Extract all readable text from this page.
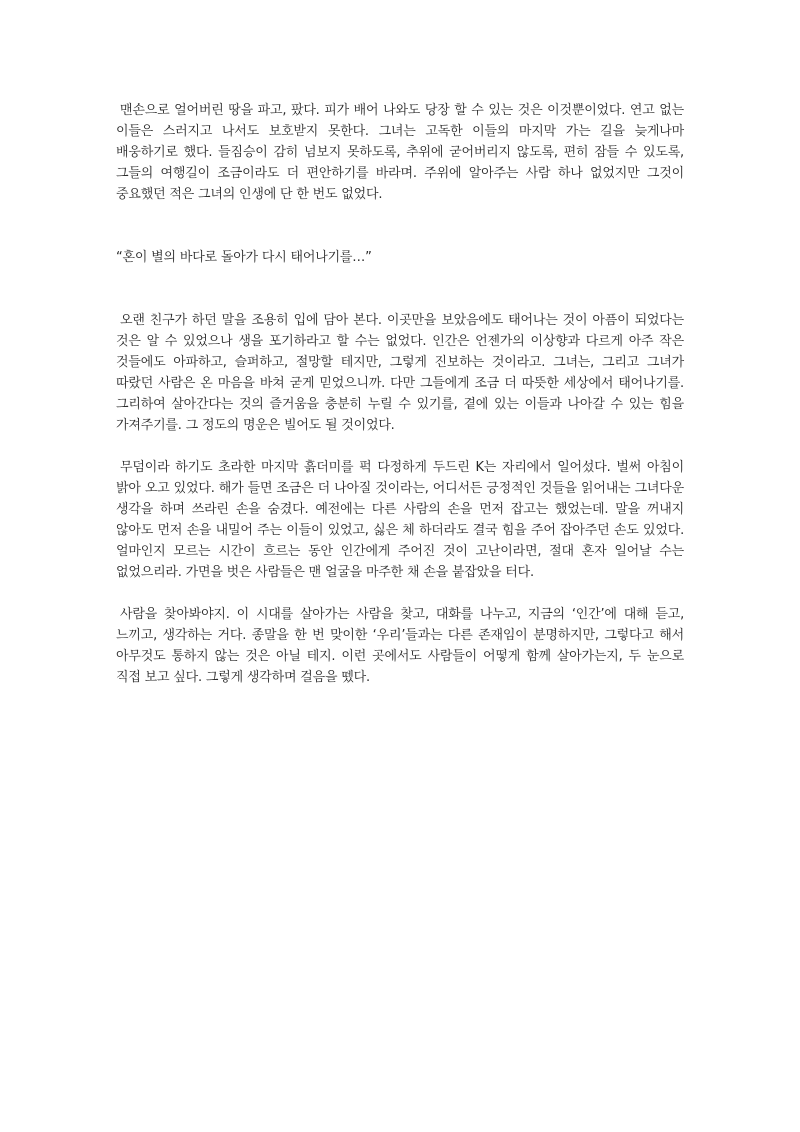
맨손으로 얼어버린 땅을 파고, 팠다. 피가 배어 나와도 당장 할 수 있는 것은 이것뿐이었다. 연고 없는 이들은 스러지고 나서도 보호받지 못한다. 그녀는 고독한 이들의 마지막 가는 길을 늦게나마 배웅하기로 했다. 들짐승이 감히 넘보지 못하도록, 추위에 굳어버리지 않도록, 편히 잠들 수 있도록, 그들의 여행길이 조금이라도 더 편안하기를 바라며. 주위에 알아주는 사람 하나 없었지만 그것이 중요했던 적은 그녀의 인생에 단 한 번도 없었다.

“혼이 별의 바다로 돌아가 다시 태어나기를…”

오랜 친구가 하던 말을 조용히 입에 담아 본다. 이곳만을 보았음에도 태어나는 것이 아픔이 되었다는 것은 알 수 있었으나 생을 포기하라고 할 수는 없었다. 인간은 언젠가의 이상향과 다르게 아주 작은 것들에도 아파하고, 슬퍼하고, 절망할 테지만, 그렇게 진보하는 것이라고. 그녀는, 그리고 그녀가 따랐던 사람은 온 마음을 바쳐 굳게 믿었으니까. 다만 그들에게 조금 더 따뜻한 세상에서 태어나기를. 그리하여 살아간다는 것의 즐거움을 충분히 누릴 수 있기를, 곁에 있는 이들과 나아갈 수 있는 힘을 가져주기를. 그 정도의 명운은 빌어도 될 것이었다.

무덤이라 하기도 초라한 마지막 흙더미를 퍽 다정하게 두드린 K는 자리에서 일어섰다. 벌써 아침이 밝아 오고 있었다. 해가 들면 조금은 더 나아질 것이라는, 어디서든 긍정적인 것들을 읽어내는 그녀다운 생각을 하며 쓰라린 손을 숨겼다. 예전에는 다른 사람의 손을 먼저 잡고는 했었는데. 말을 꺼내지 않아도 먼저 손을 내밀어 주는 이들이 있었고, 싫은 체 하더라도 결국 힘을 주어 잡아주던 손도 있었다. 얼마인지 모르는 시간이 흐르는 동안 인간에게 주어진 것이 고난이라면, 절대 혼자 일어날 수는 없었으리라. 가면을 벗은 사람들은 맨 얼굴을 마주한 채 손을 붙잡았을 터다.

사람을 찾아봐야지. 이 시대를 살아가는 사람을 찾고, 대화를 나누고, 지금의 ‘인간’에 대해 듣고, 느끼고, 생각하는 거다. 종말을 한 번 맞이한 ‘우리’들과는 다른 존재임이 분명하지만, 그렇다고 해서 아무것도 통하지 않는 것은 아닐 테지. 이런 곳에서도 사람들이 어떻게 함께 살아가는지, 두 눈으로 직접 보고 싶다. 그렇게 생각하며 걸음을 뗐다.
